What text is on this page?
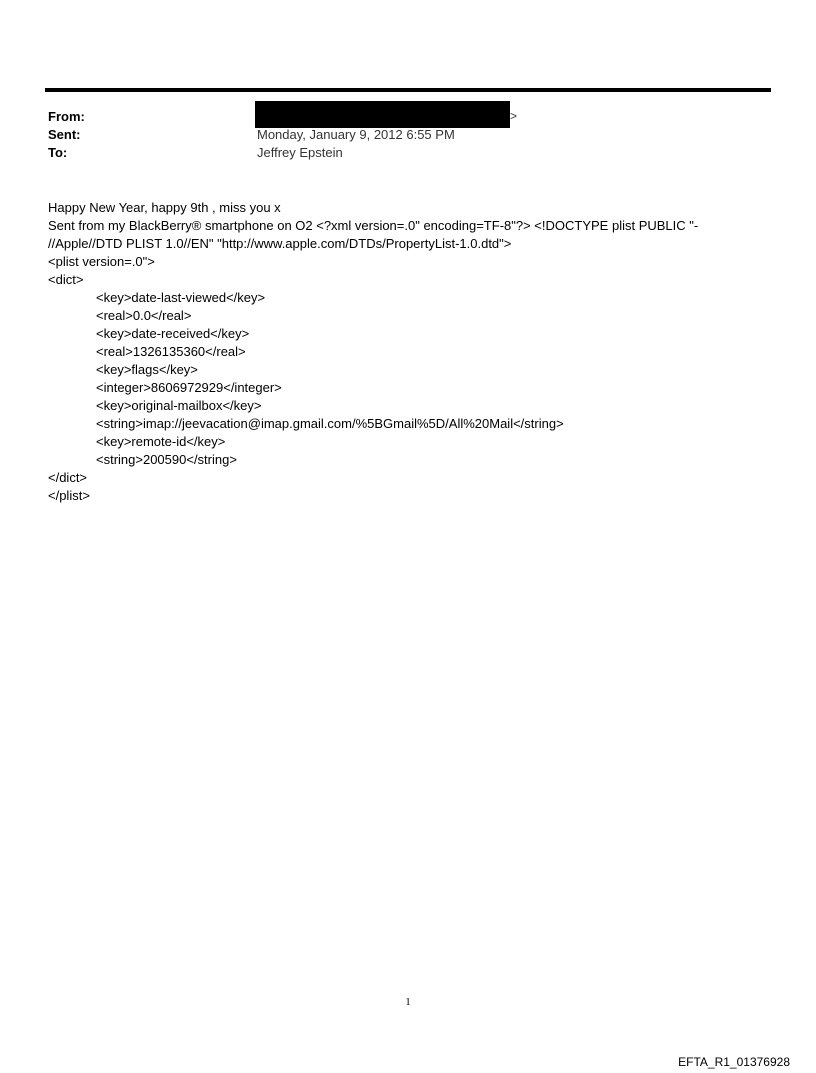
From:	>
Sent:	Monday, January 9, 2012 6:55 PM
To:	Jeffrey Epstein
Happy New Year, happy 9th , miss you x
Sent from my BlackBerry® smartphone on O2 <?xml version=.0" encoding=TF-8"?> <!DOCTYPE plist PUBLIC "-
//Apple//DTD PLIST 1.0//EN" "http://www.apple.com/DTDs/PropertyList-1.0.dtd">
<plist version=.0">
<dict>
<key>date-last-viewed</key>
<real>0.0</real>
<key>date-received</key>
<real>1326135360</real>
<key>flags</key>
<integer>8606972929</integer>
<key>original-mailbox</key>
<string>imap://jeevacation@imap.gmail.com/%5BGmail%5D/All%20Mail</string>
<key>remote-id</key>
<string>200590</string>
</dict>
</plist>
1
EFTA_R1_01376928
